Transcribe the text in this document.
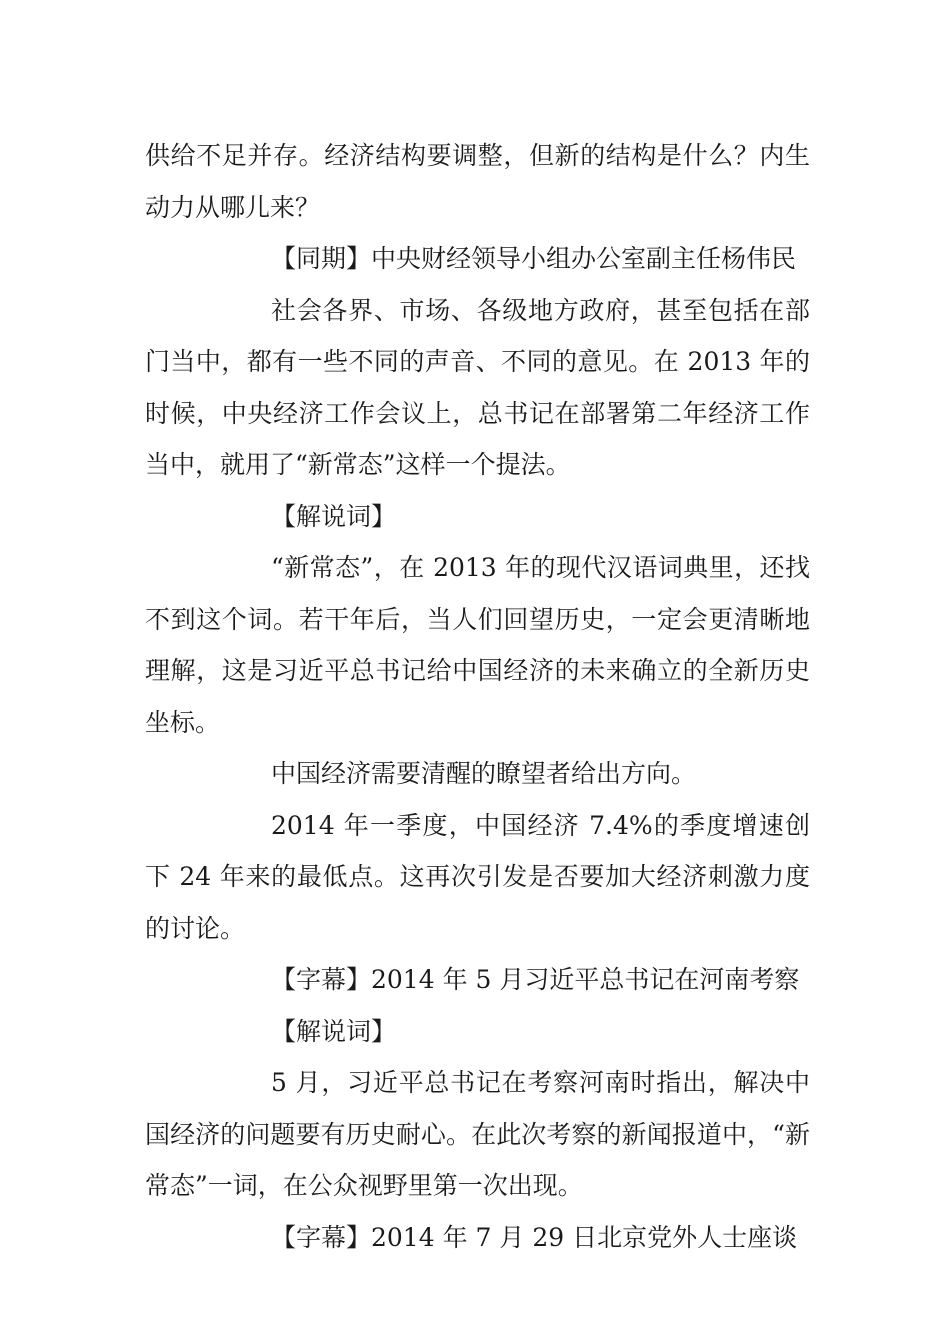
供给不足并存。经济结构要调整，但新的结构是什么？内生动力从哪儿来？

【同期】中央财经领导小组办公室副主任杨伟民

社会各界、市场、各级地方政府，甚至包括在部门当中，都有一些不同的声音、不同的意见。在 2013 年的时候，中央经济工作会议上，总书记在部署第二年经济工作当中，就用了“新常态”这样一个提法。

【解说词】

“新常态”，在 2013 年的现代汉语词典里，还找不到这个词。若干年后，当人们回望历史，一定会更清晰地理解，这是习近平总书记给中国经济的未来确立的全新历史坐标。

中国经济需要清醒的瞭望者给出方向。

2014 年一季度，中国经济 7.4%的季度增速创下 24 年来的最低点。这再次引发是否要加大经济刺激力度的讨论。

【字幕】2014 年 5 月习近平总书记在河南考察

【解说词】

5 月，习近平总书记在考察河南时指出，解决中国经济的问题要有历史耐心。在此次考察的新闻报道中，“新常态”一词，在公众视野里第一次出现。

【字幕】2014 年 7 月 29 日北京党外人士座谈
